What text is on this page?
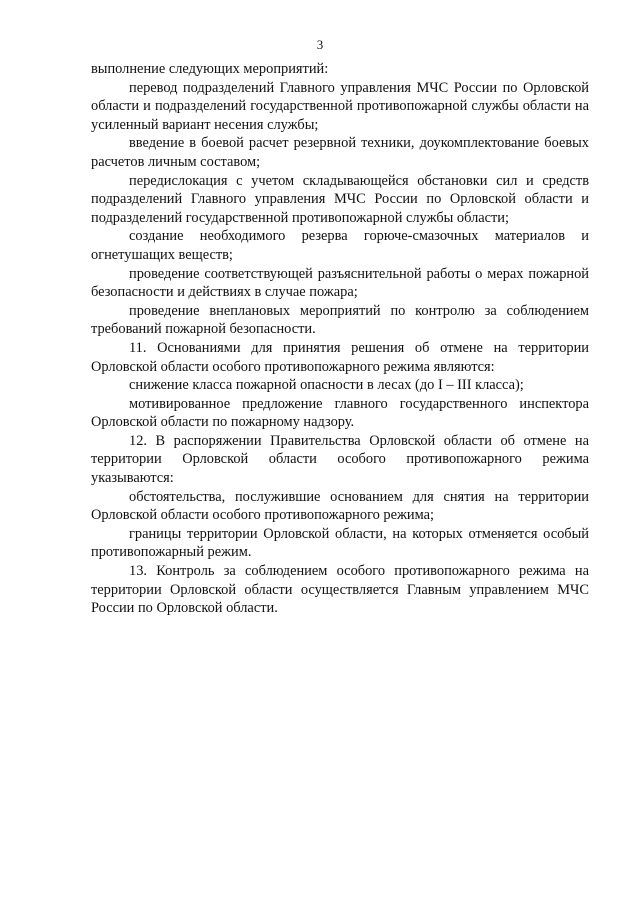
3

выполнение следующих мероприятий:

перевод подразделений Главного управления МЧС России по Орловской области и подразделений государственной противопожарной службы области на усиленный вариант несения службы;

введение в боевой расчет резервной техники, доукомплектование боевых расчетов личным составом;

передислокация с учетом складывающейся обстановки сил и средств подразделений Главного управления МЧС России по Орловской области и подразделений государственной противопожарной службы области;

создание необходимого резерва горюче-смазочных материалов и огнетушащих веществ;

проведение соответствующей разъяснительной работы о мерах пожарной безопасности и действиях в случае пожара;

проведение внеплановых мероприятий по контролю за соблюдением требований пожарной безопасности.

11. Основаниями для принятия решения об отмене на территории Орловской области особого противопожарного режима являются:

снижение класса пожарной опасности в лесах (до I – III класса);

мотивированное предложение главного государственного инспектора Орловской области по пожарному надзору.

12. В распоряжении Правительства Орловской области об отмене на территории Орловской области особого противопожарного режима указываются:

обстоятельства, послужившие основанием для снятия на территории Орловской области особого противопожарного режима;

границы территории Орловской области, на которых отменяется особый противопожарный режим.

13. Контроль за соблюдением особого противопожарного режима на территории Орловской области осуществляется Главным управлением МЧС России по Орловской области.
